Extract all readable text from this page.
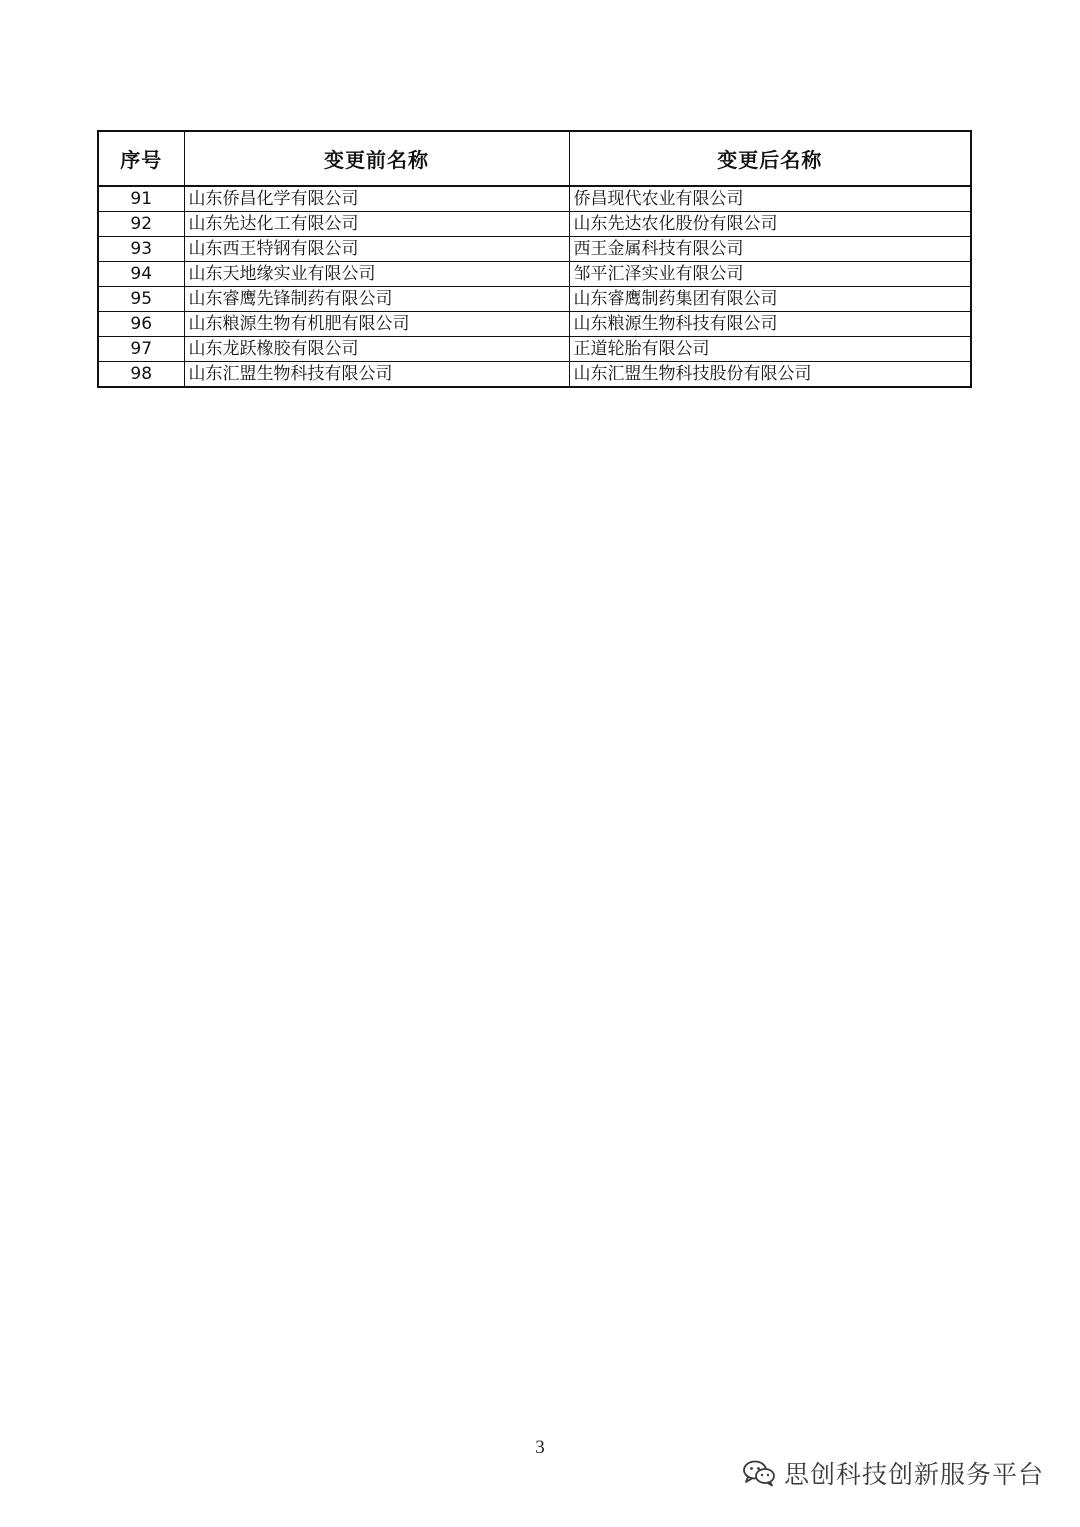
序号	变更前名称	变更后名称
91	山东侨昌化学有限公司	侨昌现代农业有限公司
92	山东先达化工有限公司	山东先达农化股份有限公司
93	山东西王特钢有限公司	西王金属科技有限公司
94	山东天地缘实业有限公司	邹平汇泽实业有限公司
95	山东睿鹰先锋制药有限公司	山东睿鹰制药集团有限公司
96	山东粮源生物有机肥有限公司	山东粮源生物科技有限公司
97	山东龙跃橡胶有限公司	正道轮胎有限公司
98	山东汇盟生物科技有限公司	山东汇盟生物科技股份有限公司
3
思创科技创新服务平台
